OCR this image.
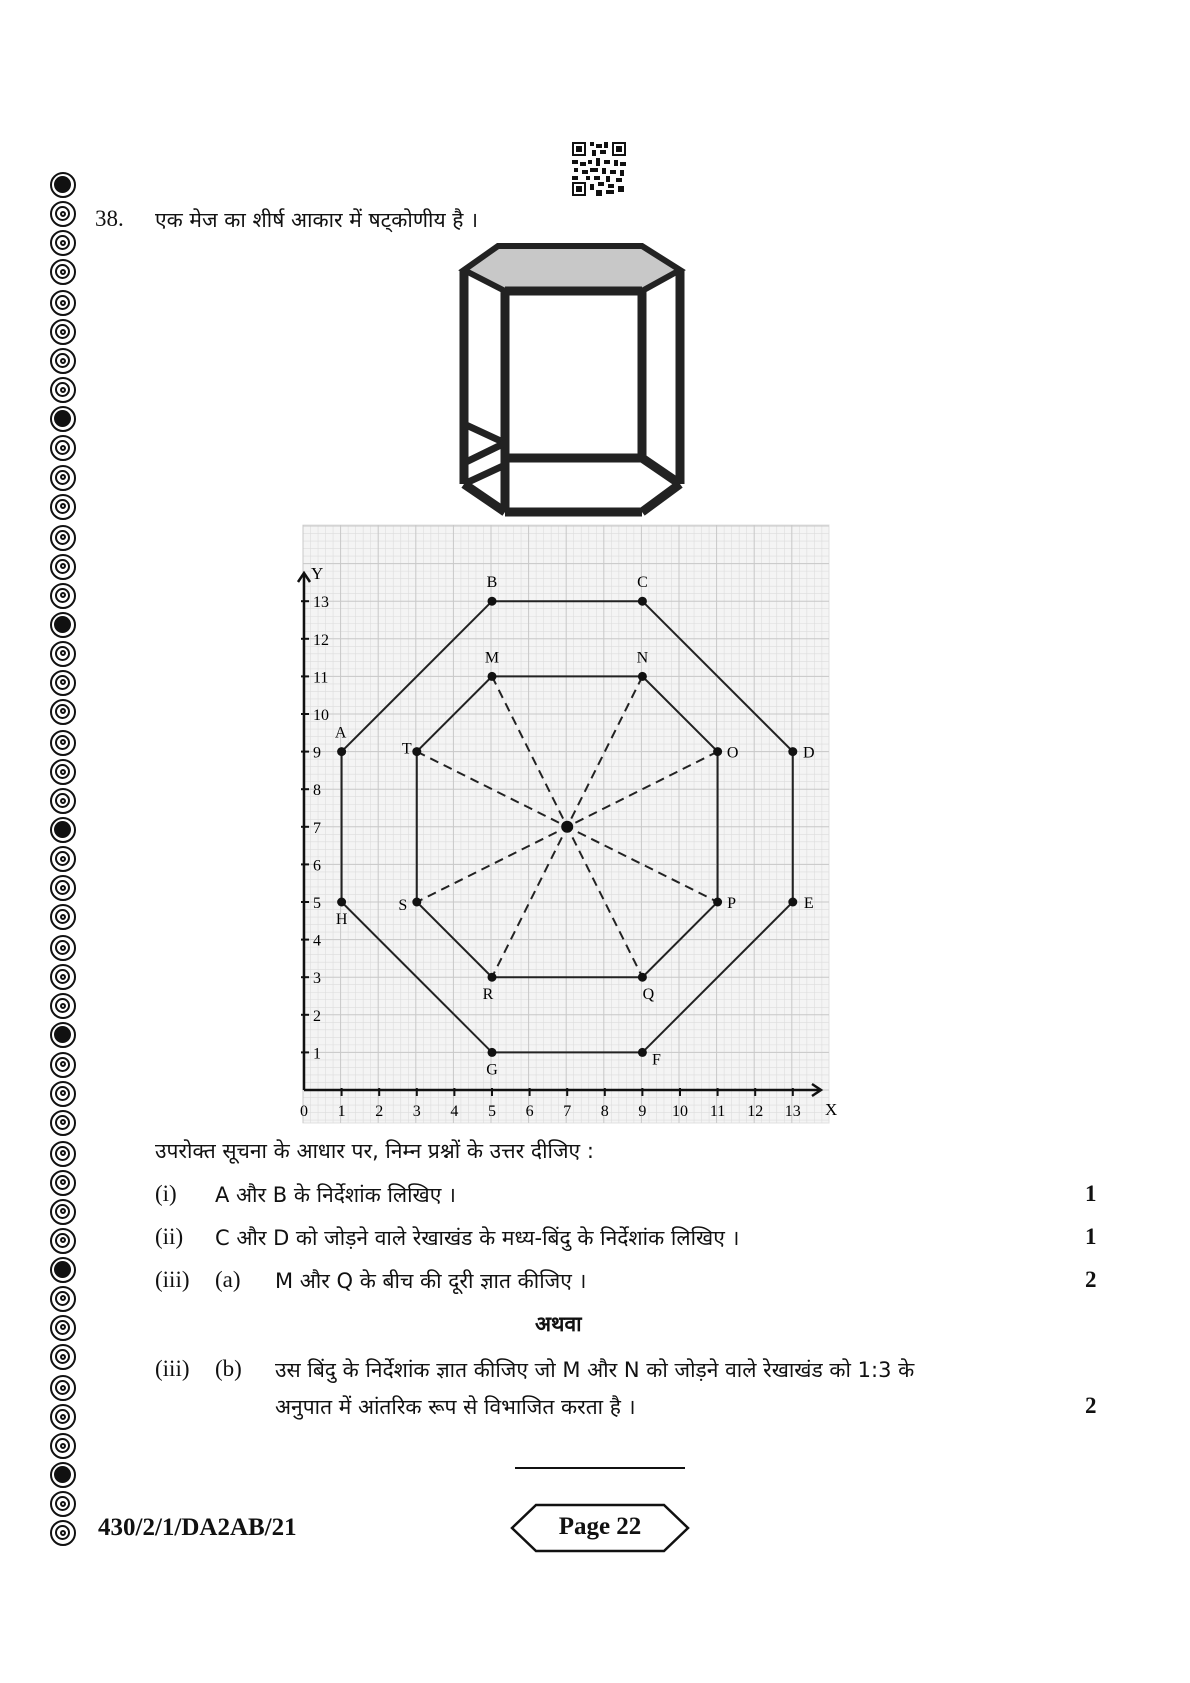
38. एक मेज का शीर्ष आकार में षट्कोणीय है ।
X
Y
0 1 2 3 4 5 6 7 8 9 10 11 12 13
1
2
3
4
5
6
7
8
9
10
11
12
13
A
B	C
D
E
F
G
H
M	N
O
P
Q
R
S
T
उपरोक्त सूचना के आधार पर, निम्न प्रश्नों के उत्तर दीजिए :
(i) A और B के निर्देशांक लिखिए ।	1
(ii) C और D को जोड़ने वाले रेखाखंड के मध्य-बिंदु के निर्देशांक लिखिए ।	1
(iii) (a) M और Q के बीच की दूरी ज्ञात कीजिए ।	2
अथवा
(iii) (b) उस बिंदु के निर्देशांक ज्ञात कीजिए जो M और N को जोड़ने वाले रेखाखंड को 1:3 के
अनुपात में आंतरिक रूप से विभाजित करता है ।	2
430/2/1/DA2AB/21	Page 22
